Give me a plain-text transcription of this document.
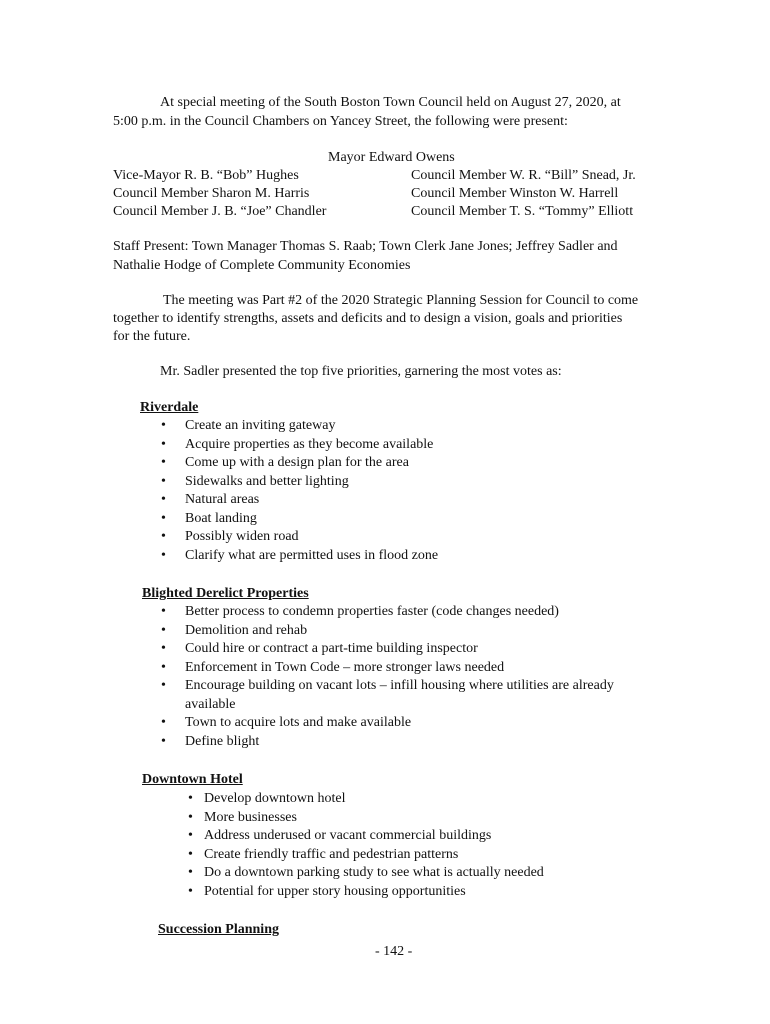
At special meeting of the South Boston Town Council held on August 27, 2020, at
5:00 p.m. in the Council Chambers on Yancey Street, the following were present:
Mayor Edward Owens
Vice-Mayor R. B. “Bob” Hughes
Council Member Sharon M. Harris
Council Member J. B. “Joe” Chandler
Council Member W. R. “Bill” Snead, Jr.
Council Member Winston W. Harrell
Council Member T. S. “Tommy” Elliott
Staff Present: Town Manager Thomas S. Raab; Town Clerk Jane Jones; Jeffrey Sadler and
Nathalie Hodge of Complete Community Economies
The meeting was Part #2 of the 2020 Strategic Planning Session for Council to come
together to identify strengths, assets and deficits and to design a vision, goals and priorities
for the future.
Mr. Sadler presented the top five priorities, garnering the most votes as:
Riverdale
• Create an inviting gateway
• Acquire properties as they become available
• Come up with a design plan for the area
• Sidewalks and better lighting
• Natural areas
• Boat landing
• Possibly widen road
• Clarify what are permitted uses in flood zone
Blighted Derelict Properties
• Better process to condemn properties faster (code changes needed)
• Demolition and rehab
• Could hire or contract a part-time building inspector
• Enforcement in Town Code – more stronger laws needed
• Encourage building on vacant lots – infill housing where utilities are already available
• Town to acquire lots and make available
• Define blight
Downtown Hotel
• Develop downtown hotel
• More businesses
• Address underused or vacant commercial buildings
• Create friendly traffic and pedestrian patterns
• Do a downtown parking study to see what is actually needed
• Potential for upper story housing opportunities
Succession Planning
- 142 -
